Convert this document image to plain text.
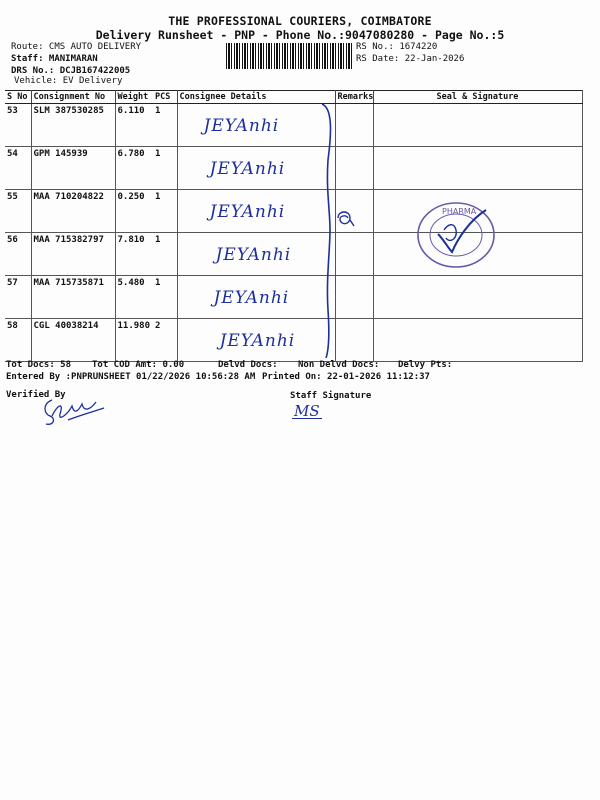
THE PROFESSIONAL COURIERS, COIMBATORE
Delivery Runsheet - PNP - Phone No.:9047080280 - Page No.:5
Route: CMS AUTO DELIVERY
Staff: MANIMARAN
DRS No.: DCJB167422005
Vehicle: EV Delivery
RS No.: 1674220
RS Date: 22-Jan-2026
S No	Consignment No	Weight	PCS	Consignee Details	Remarks	Seal & Signature
53	SLM 387530285	6.110	1	JEYAnhi		
54	GPM 145939	6.780	1	JEYAnhi		
55	MAA 710204822	0.250	1	JEYAnhi		
56	MAA 715382797	7.810	1	JEYAnhi		
57	MAA 715735871	5.480	1	JEYAnhi		
58	CGL 40038214	11.980	2	JEYAnhi		
PHARMA
Tot Docs: 58 Tot COD Amt: 0.00	Delvd Docs: Non Delvd Docs: Delvy Pts:
Entered By :PNPRUNSHEET 01/22/2026 10:56:28 AM Printed On: 22-01-2026 11:12:37
Verified By	Staff Signature
MS
